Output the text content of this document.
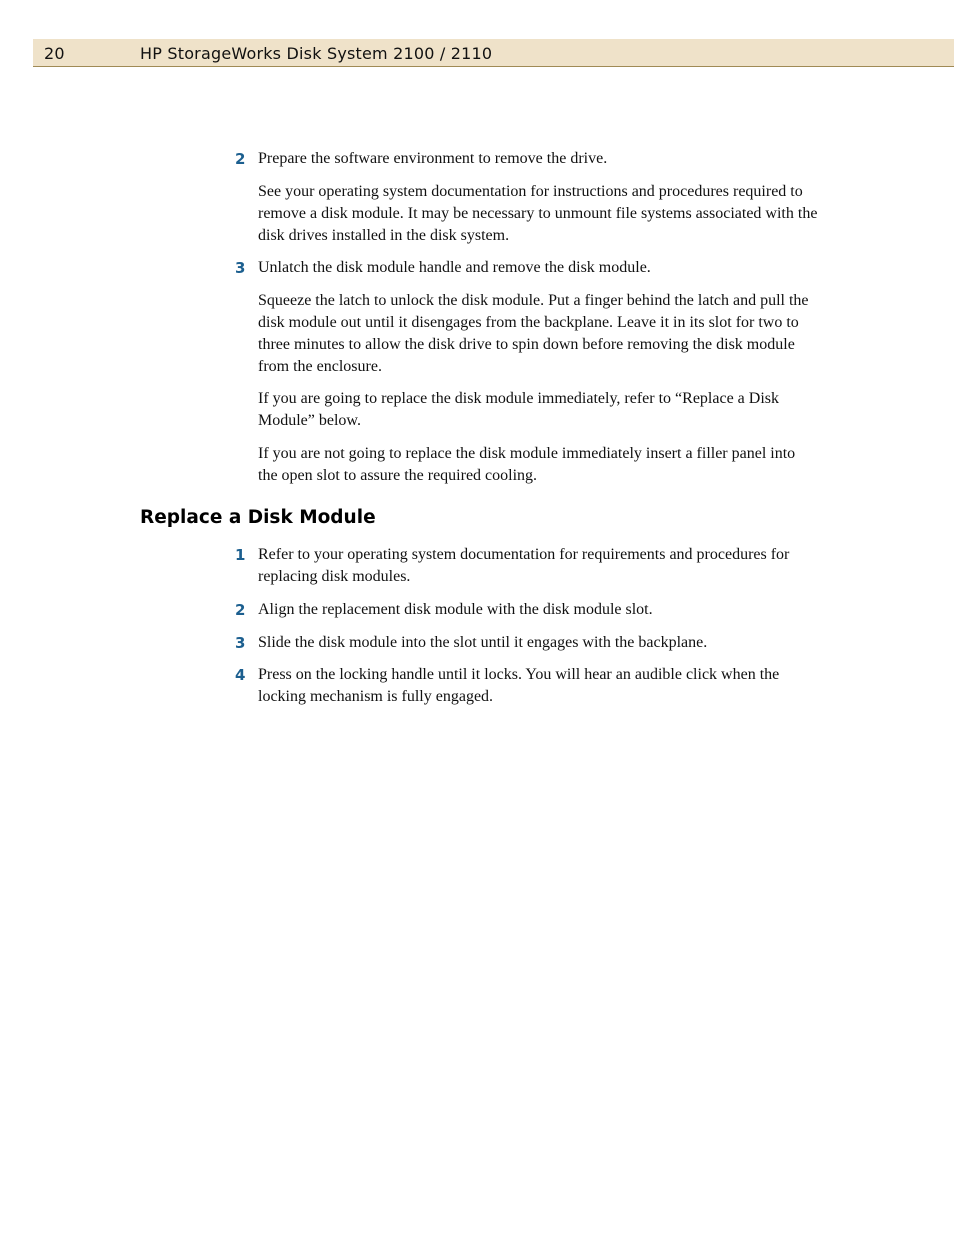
20	HP StorageWorks Disk System 2100 / 2110

2 Prepare the software environment to remove the drive.

See your operating system documentation for instructions and procedures required to remove a disk module. It may be necessary to unmount file systems associated with the disk drives installed in the disk system.

3 Unlatch the disk module handle and remove the disk module.

Squeeze the latch to unlock the disk module. Put a finger behind the latch and pull the disk module out until it disengages from the backplane. Leave it in its slot for two to three minutes to allow the disk drive to spin down before removing the disk module from the enclosure.

If you are going to replace the disk module immediately, refer to “Replace a Disk Module” below.

If you are not going to replace the disk module immediately insert a filler panel into the open slot to assure the required cooling.

Replace a Disk Module

1 Refer to your operating system documentation for requirements and procedures for replacing disk modules.

2 Align the replacement disk module with the disk module slot.

3 Slide the disk module into the slot until it engages with the backplane.

4 Press on the locking handle until it locks. You will hear an audible click when the locking mechanism is fully engaged.
